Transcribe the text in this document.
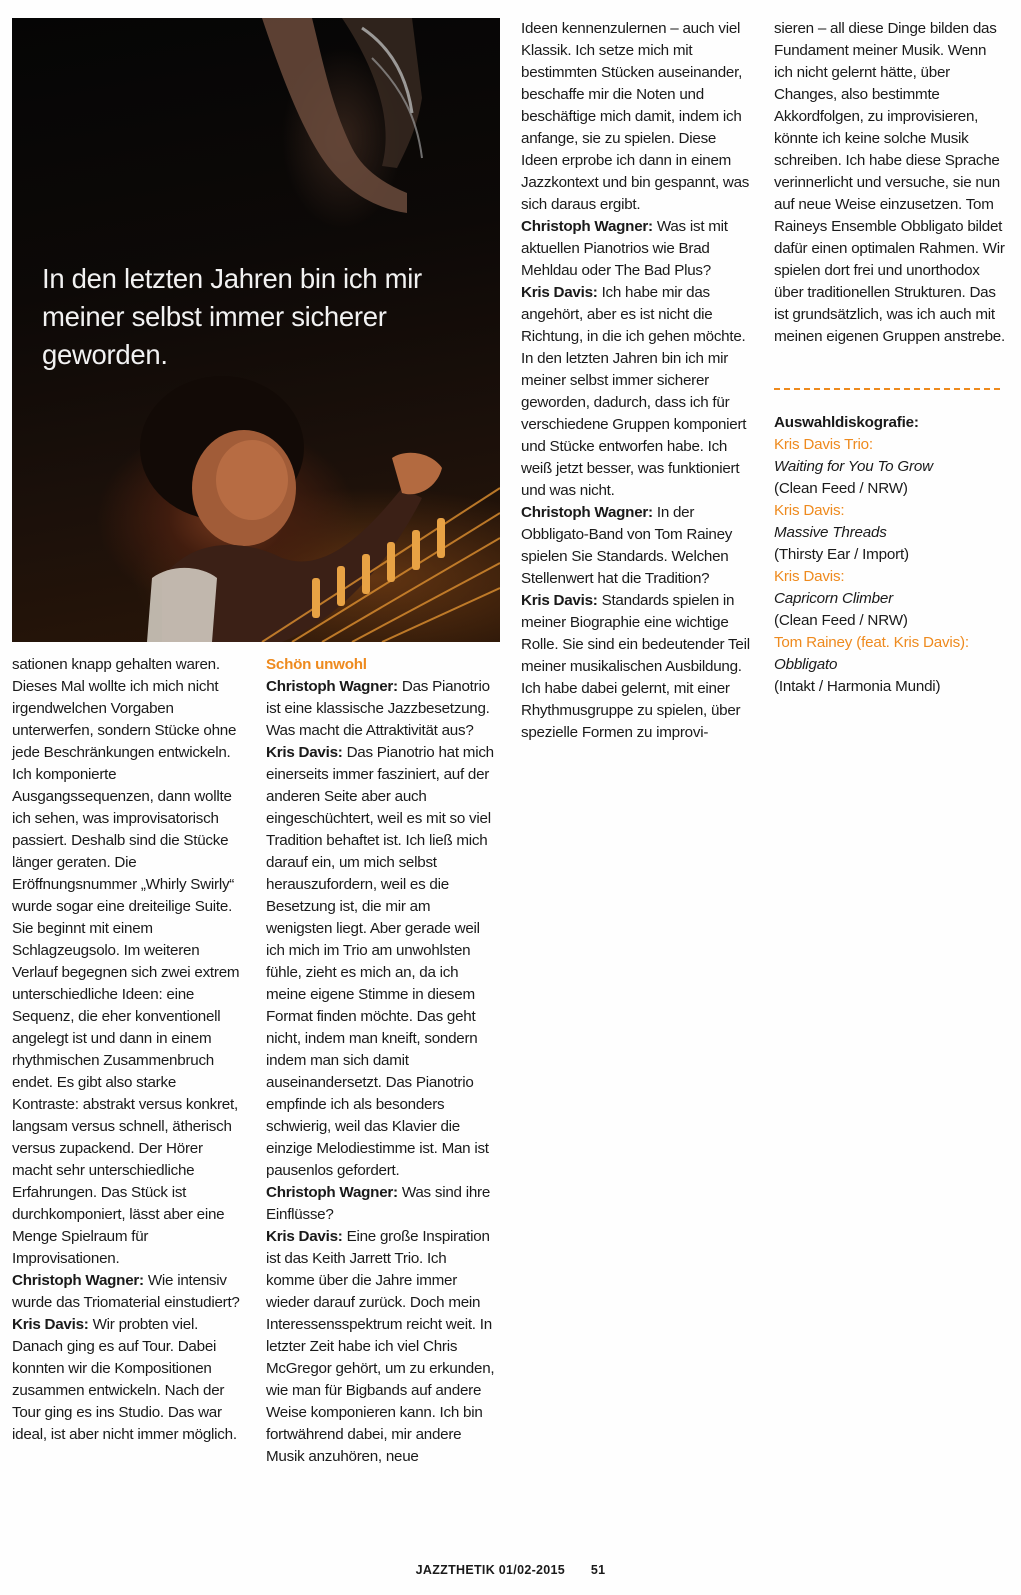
In den letzten Jahren bin ich mir meiner selbst immer sicherer geworden.

sationen knapp gehalten waren. Dieses Mal wollte ich mich nicht irgendwelchen Vorgaben unterwerfen, sondern Stücke ohne jede Beschränkungen entwickeln. Ich komponierte Ausgangssequenzen, dann wollte ich sehen, was improvisatorisch passiert. Deshalb sind die Stücke länger geraten. Die Eröffnungsnummer „Whirly Swirly“ wurde sogar eine dreiteilige Suite. Sie beginnt mit einem Schlagzeugsolo. Im weiteren Verlauf begegnen sich zwei extrem unterschiedliche Ideen: eine Sequenz, die eher konventionell angelegt ist und dann in einem rhythmischen Zusammenbruch endet. Es gibt also starke Kontraste: abstrakt versus konkret, langsam versus schnell, ätherisch versus zupackend. Der Hörer macht sehr unterschiedliche Erfahrungen. Das Stück ist durchkomponiert, lässt aber eine Menge Spielraum für Improvisationen.

Christoph Wagner: Wie intensiv wurde das Triomaterial einstudiert?

Kris Davis: Wir probten viel. Danach ging es auf Tour. Dabei konnten wir die Kompositionen zusammen entwickeln. Nach der Tour ging es ins Studio. Das war ideal, ist aber nicht immer möglich.

Schön unwohl

Christoph Wagner: Das Pianotrio ist eine klassische Jazzbesetzung. Was macht die Attraktivität aus?

Kris Davis: Das Pianotrio hat mich einerseits immer fasziniert, auf der anderen Seite aber auch eingeschüchtert, weil es mit so viel Tradition behaftet ist. Ich ließ mich darauf ein, um mich selbst herauszufordern, weil es die Besetzung ist, die mir am wenigsten liegt. Aber gerade weil ich mich im Trio am unwohlsten fühle, zieht es mich an, da ich meine eigene Stimme in diesem Format finden möchte. Das geht nicht, indem man kneift, sondern indem man sich damit auseinandersetzt. Das Pianotrio empfinde ich als besonders schwierig, weil das Klavier die einzige Melodiestimme ist. Man ist pausenlos gefordert.

Christoph Wagner: Was sind ihre Einflüsse?

Kris Davis: Eine große Inspiration ist das Keith Jarrett Trio. Ich komme über die Jahre immer wieder darauf zurück. Doch mein Interessensspektrum reicht weit. In letzter Zeit habe ich viel Chris McGregor gehört, um zu erkunden, wie man für Bigbands auf andere Weise komponieren kann. Ich bin fortwährend dabei, mir andere Musik anzuhören, neue

Ideen kennenzulernen – auch viel Klassik. Ich setze mich mit bestimmten Stücken auseinander, beschaffe mir die Noten und beschäftige mich damit, indem ich anfange, sie zu spielen. Diese Ideen erprobe ich dann in einem Jazzkontext und bin gespannt, was sich daraus ergibt.

Christoph Wagner: Was ist mit aktuellen Pianotrios wie Brad Mehldau oder The Bad Plus?

Kris Davis: Ich habe mir das angehört, aber es ist nicht die Richtung, in die ich gehen möchte. In den letzten Jahren bin ich mir meiner selbst immer sicherer geworden, dadurch, dass ich für verschiedene Gruppen komponiert und Stücke entworfen habe. Ich weiß jetzt besser, was funktioniert und was nicht.

Christoph Wagner: In der Obbligato-Band von Tom Rainey spielen Sie Standards. Welchen Stellenwert hat die Tradition?

Kris Davis: Standards spielen in meiner Biographie eine wichtige Rolle. Sie sind ein bedeutender Teil meiner musikalischen Ausbildung. Ich habe dabei gelernt, mit einer Rhythmusgruppe zu spielen, über spezielle Formen zu improvi-

sieren – all diese Dinge bilden das Fundament meiner Musik. Wenn ich nicht gelernt hätte, über Changes, also bestimmte Akkordfolgen, zu improvisieren, könnte ich keine solche Musik schreiben. Ich habe diese Sprache verinnerlicht und versuche, sie nun auf neue Weise einzusetzen. Tom Raineys Ensemble Obbligato bildet dafür einen optimalen Rahmen. Wir spielen dort frei und unorthodox über traditionellen Strukturen. Das ist grundsätzlich, was ich auch mit meinen eigenen Gruppen anstrebe.

Auswahldiskografie:

Kris Davis Trio:

Waiting for You To Grow

(Clean Feed / NRW)

Kris Davis:

Massive Threads

(Thirsty Ear / Import)

Kris Davis:

Capricorn Climber

(Clean Feed / NRW)

Tom Rainey (feat. Kris Davis):

Obbligato

(Intakt / Harmonia Mundi)

JAZZTHETIK 01/02-2015 51
